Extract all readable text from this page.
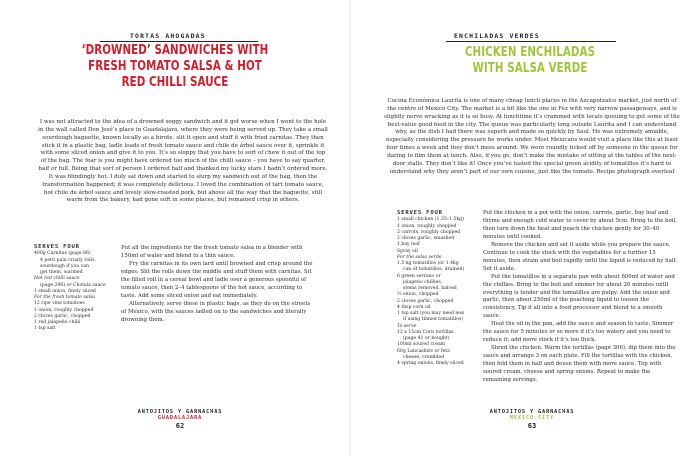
TORTAS AHOGADAS
‘DROWNED’ SANDWICHES WITH
FRESH TOMATO SALSA & HOT
RED CHILLI SAUCE

I was not attracted to the idea of a drowned soggy sandwich and it got worse when I went to the hole in the wall called Don José’s place in Guadalajara, where they were being served up. They take a small sourdough baguette, known locally as a birote, slit it open and stuff it with fried carnitas. They then stick it in a plastic bag, ladle loads of fresh tomato sauce and chile de árbol sauce over it, sprinkle it with some sliced onion and give it to you. It’s so sloppy that you have to sort of chew it out of the top of the bag. The fear is you might have ordered too much of the chilli sauce – you have to say quarter, half or full. Being that sort of person I ordered half and thanked my lucky stars I hadn’t ordered more. It was blindingly hot. I duly sat down and started to slurp my sandwich out of the bag, then the transformation happened; it was completely delicious. I loved the combination of tart tomato sauce, hot chile de árbol sauce and lovely slow-roasted pork, but above all the way that the baguette, still warm from the bakery, had gone soft in some places, but remained crisp in others.

SERVES FOUR
400g Carnitas (page 86)
4 petit pain crusty rolls,
sourdough if you can
get them, warmed
Hot red chilli sauce
(page 296) or Cholula sauce
1 small onion, finely sliced
For the fresh tomato salsa
12 ripe vine tomatoes
1 onion, roughly chopped
2 cloves garlic, chopped
1 red jalapeño chilli
1 tsp salt

Put all the ingredients for the fresh tomato salsa in a blender with 150ml of water and blend to a thin sauce.

Fry the carnitas in its own lard until browned and crisp around the edges. Slit the rolls down the middle and stuff them with carnitas. Sit the filled roll in a cereal bowl and ladle over a generous spoonful of tomato sauce, then 2–4 tablespoons of the hot sauce, according to taste. Add some sliced onion and eat immediately.

Alternatively, serve these in plastic bags, as they do on the streets of Mexico, with the sauces ladled on to the sandwiches and literally drowning them.

ANTOJITOS Y GARNACHAS
GUADALAJARA
62
ENCHILADAS VERDES
CHICKEN ENCHILADAS
WITH SALSA VERDE

Cocina Económica Laurita is one of many cheap lunch places in the Azcapotzalco market, just north of the centre of Mexico City. The market is a bit like the one in Fez with very narrow passageways, and is slightly nerve wracking as it is so busy. At lunchtime it’s crammed with locals queuing to get some of the best-value good food in the city. The queue was particularly long outside Laurita and I can understand why, as the dish I had there was superb and made so quickly by Saul. He was extremely amiable, especially considering the pressure he works under. Most Mexicans would visit a place like this at least four times a week and they don’t mess around. We were roundly ticked off by someone in the queue for daring to film them at lunch. Also, if you go, don’t make the mistake of sitting at the tables of the next-door stalls. They don’t like it! Once you’ve tasted the special green acidity of tomatillos it’s hard to understand why they aren’t part of our own cuisine, just like the tomato. Recipe photograph overleaf

SERVES FOUR
1 small chicken (1.35–1.5kg)
1 onion, roughly chopped
2 carrots, roughly chopped
2 cloves garlic, smashed
1 bay leaf
Spray oil
For the salsa verde
1.5 kg tomatillos (or 1.4kg
can of tomatillos, drained)
6 green serrano or
jalapeño chillies,
stems removed, halved
½ onion, chopped
2 cloves garlic, chopped
4 tbsp corn oil
1 tsp salt (you may need less
if using tinned tomatillos)
To serve
12 x 15cm Corn tortillas
(page 41 or bought)
100ml soured cream
60g Lancashire or feta
cheese, crumbled
4 spring onions, finely sliced

Put the chicken in a pot with the onion, carrots, garlic, bay leaf and thyme and enough cold water to cover by about 5cm. Bring to the boil, then turn down the heat and poach the chicken gently for 30–40 minutes until cooked.

Remove the chicken and set it aside while you prepare the sauce. Continue to cook the stock with the vegetables for a further 15 minutes, then strain and boil rapidly until the liquid is reduced by half. Set it aside.

Put the tomatillos in a separate pan with about 600ml of water and the chillies. Bring to the boil and simmer for about 20 minutes until everything is tender and the tomatillos are pulpy. Add the onion and garlic, then about 250ml of the poaching liquid to loosen the consistency. Tip it all into a food processor and blend to a smooth sauce.

Heat the oil in the pan, add the sauce and season to taste. Simmer the sauce for 5 minutes or so more if it’s too watery and you need to reduce it; add more stock if it’s too thick.

Shred the chicken. Warm the tortillas (page 306), dip them into the sauce and arrange 3 on each plate. Fill the tortillas with the chicken, then fold them in half and douse them with more sauce. Top with soured cream, cheese and spring onions. Repeat to make the remaining servings.

ANTOJITOS Y GARNACHAS
MEXICO CITY
63
